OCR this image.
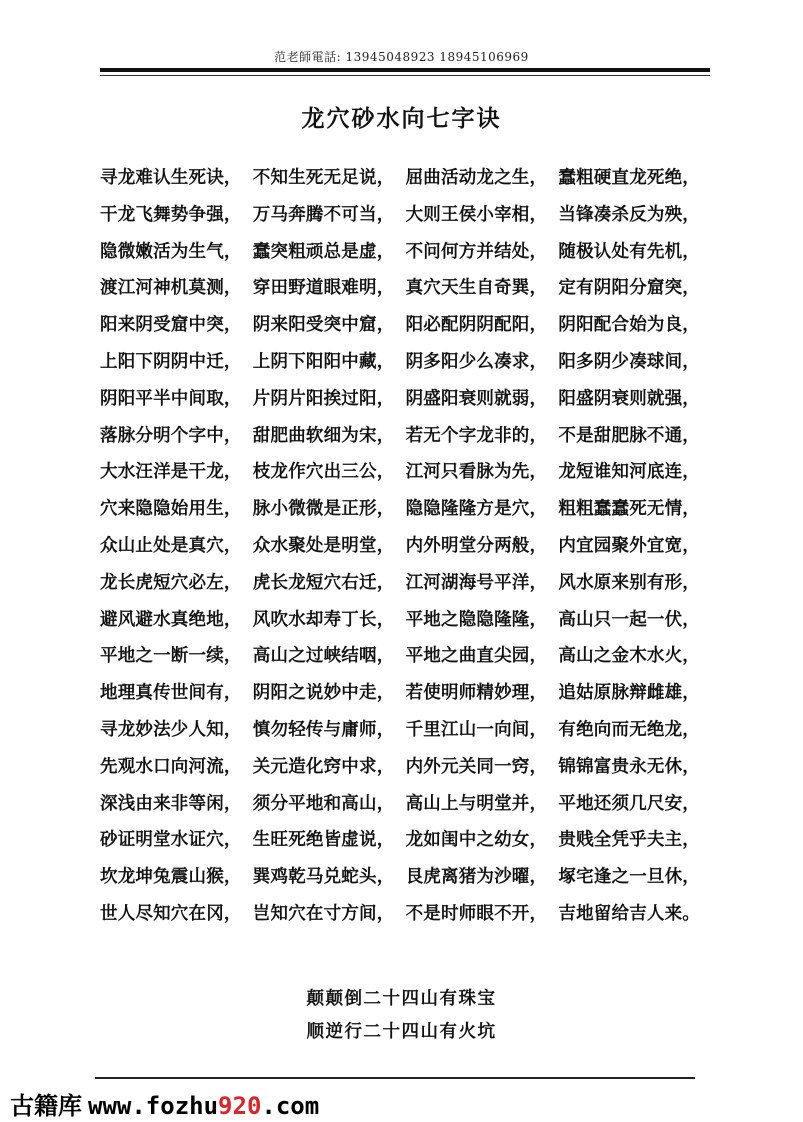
范老師電話: 13945048923 18945106969
龙穴砂水向七字诀
寻龙难认生死诀， 不知生死无足说， 屈曲活动龙之生， 蠢粗硬直龙死绝，
干龙飞舞势争强， 万马奔腾不可当， 大则王侯小宰相， 当锋凑杀反为殃，
隐微嫩活为生气， 蠢突粗顽总是虚， 不问何方并结处， 随极认处有先机，
渡江河神机莫测， 穿田野道眼难明， 真穴天生自奇巽， 定有阴阳分窟突，
阳来阴受窟中突， 阴来阳受突中窟， 阳必配阴阴配阳， 阴阳配合始为良，
上阳下阴阴中迁， 上阴下阳阳中藏， 阴多阳少么凑求， 阳多阴少凑球间，
阴阳平半中间取， 片阴片阳挨过阳， 阴盛阳衰则就弱， 阳盛阴衰则就强，
落脉分明个字中， 甜肥曲软细为宋， 若无个字龙非的， 不是甜肥脉不通，
大水汪洋是干龙， 枝龙作穴出三公， 江河只看脉为先， 龙短谁知河底连，
穴来隐隐始用生， 脉小微微是正形， 隐隐隆隆方是穴， 粗粗蠢蠢死无情，
众山止处是真穴， 众水聚处是明堂， 内外明堂分两般， 内宜园聚外宜宽，
龙长虎短穴必左， 虎长龙短穴右迁， 江河湖海号平洋， 风水原来别有形，
避风避水真绝地， 风吹水却寿丁长， 平地之隐隐隆隆， 高山只一起一伏，
平地之一断一续， 高山之过峡结咽， 平地之曲直尖园， 高山之金木水火，
地理真传世间有， 阴阳之说妙中走， 若使明师精妙理， 追姑原脉辩雌雄，
寻龙妙法少人知， 慎勿轻传与庸师， 千里江山一向间， 有绝向而无绝龙，
先观水口向河流， 关元造化窍中求， 内外元关同一窍， 锦锦富贵永无休，
深浅由来非等闲， 须分平地和高山， 高山上与明堂并， 平地还须几尺安，
砂证明堂水证穴， 生旺死绝皆虚说， 龙如闺中之幼女， 贵贱全凭乎夫主，
坎龙坤兔震山猴， 巽鸡乾马兑蛇头， 艮虎离猪为沙曜， 塚宅逢之一旦休，
世人尽知穴在冈， 岂知穴在寸方间， 不是时师眼不开， 吉地留给吉人来。
颠颠倒二十四山有珠宝
顺逆行二十四山有火坑
古籍库 www.fozhu920.com
